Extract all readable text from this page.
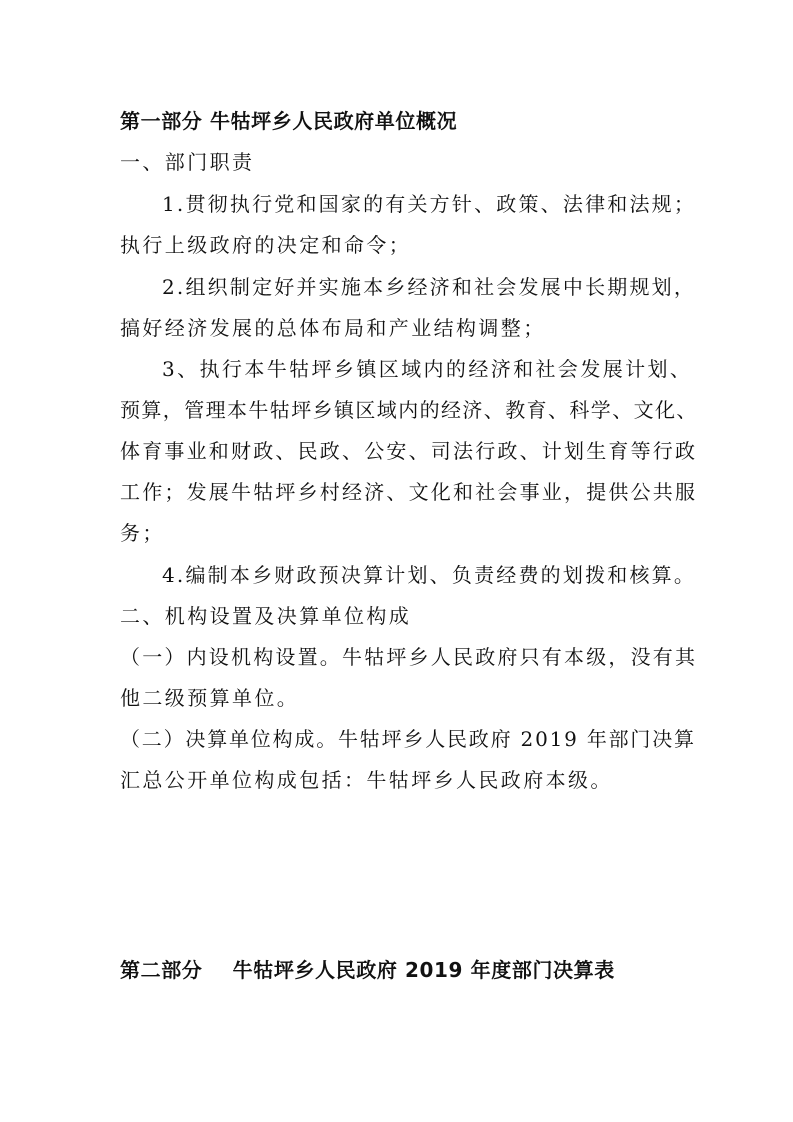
第一部分 牛牯坪乡人民政府单位概况
一、部门职责
1.贯彻执行党和国家的有关方针、政策、法律和法规；
执行上级政府的决定和命令；
2.组织制定好并实施本乡经济和社会发展中长期规划，
搞好经济发展的总体布局和产业结构调整；
3、执行本牛牯坪乡镇区域内的经济和社会发展计划、
预算，管理本牛牯坪乡镇区域内的经济、教育、科学、文化、
体育事业和财政、民政、公安、司法行政、计划生育等行政
工作；发展牛牯坪乡村经济、文化和社会事业，提供公共服
务；
4.编制本乡财政预决算计划、负责经费的划拨和核算。
二、机构设置及决算单位构成
（一）内设机构设置。牛牯坪乡人民政府只有本级，没有其
他二级预算单位。
（二）决算单位构成。牛牯坪乡人民政府 2019 年部门决算
汇总公开单位构成包括：牛牯坪乡人民政府本级。
第二部分    牛牯坪乡人民政府 2019 年度部门决算表
